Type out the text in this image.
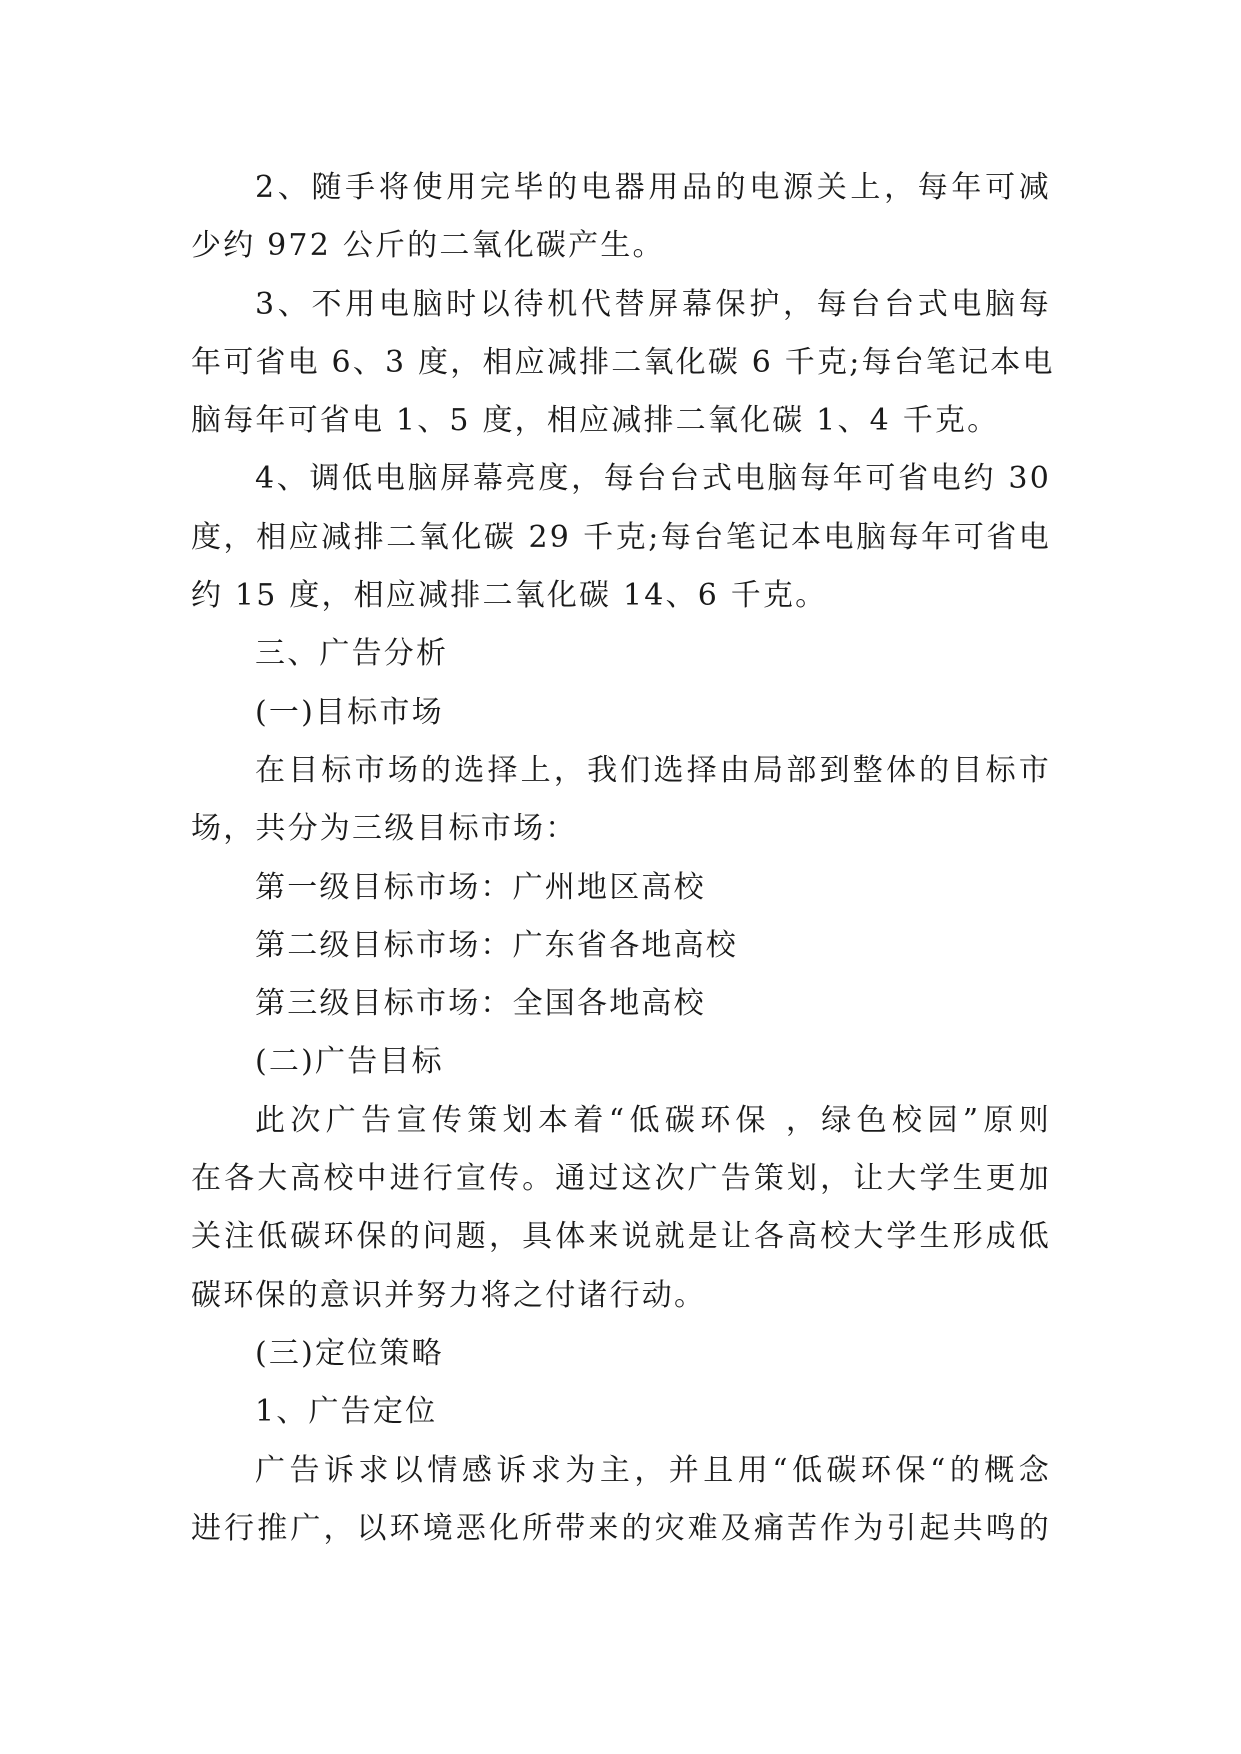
2、随手将使用完毕的电器用品的电源关上，每年可减
少约 972 公斤的二氧化碳产生。
3、不用电脑时以待机代替屏幕保护，每台台式电脑每
年可省电 6、3 度，相应减排二氧化碳 6 千克;每台笔记本电
脑每年可省电 1、5 度，相应减排二氧化碳 1、4 千克。
4、调低电脑屏幕亮度，每台台式电脑每年可省电约 30
度，相应减排二氧化碳 29 千克;每台笔记本电脑每年可省电
约 15 度，相应减排二氧化碳 14、6 千克。
三、广告分析
(一)目标市场
在目标市场的选择上，我们选择由局部到整体的目标市
场，共分为三级目标市场：
第一级目标市场：广州地区高校
第二级目标市场：广东省各地高校
第三级目标市场：全国各地高校
(二)广告目标
此次广告宣传策划本着“低碳环保 ，绿色校园”原则
在各大高校中进行宣传。通过这次广告策划，让大学生更加
关注低碳环保的问题，具体来说就是让各高校大学生形成低
碳环保的意识并努力将之付诸行动。
(三)定位策略
1、广告定位
广告诉求以情感诉求为主，并且用“低碳环保“的概念
进行推广，以环境恶化所带来的灾难及痛苦作为引起共鸣的
